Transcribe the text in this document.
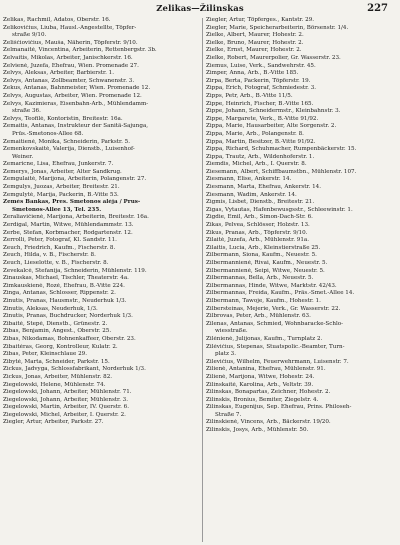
Zelikas—Žilinskas	227
Zelikas, Rachmil, Adatos, Oberstr. 16.
Zelikovičius, Liuba, Hausl.-Angestellte, Töpfer-
straße 9/10.
Zeliščiovičius, Mauša, Näherin, Töpferstr. 9/10.
Zelmanaitė, Vincentina, Arbeiterin, Rettenbergstr. 3b.
Zelvaitis, Mikolas, Arbeiter, Janischkerstr. 16.
Zelvienė, Juzefa, Ehefrau, Wien. Promenade 27.
Zelvys, Aleksas, Arbeiter, Barbierstr. 1.
Zelvys, Antanas, Zollbeamter, Schwanenstr. 3.
Zekus, Antanas, Bahnmeister, Wien. Promenade 12.
Zelvys, Augustas, Arbeiter, Wien. Promenade 12.
Zelvys, Kazimieras, Eisenbahn-Arb., Mühlendamm-
straße 36.
Zelvys, Teofilė, Kontoristin, Breitestr. 16a.
Zemaitis, Antanas, Instrukteur der Sanitä-Sajunga,
Prūs.-Smetonos-Allee 68.
Žemaitienė, Monika, Schneiderin, Parkstr. 5.
Zemenkovskaitė, Valerija, Dienstb., Luisenhof-
Weiner.
Zemaricne, Lisa, Ehefrau, Junkerstr. 7.
Žemerys, Jonas, Arbeiter, Alter Sandkrug.
Žemgulaitė, Marijona, Arbeiterin, Polangenstr. 27.
Žemgulys, Juozas, Arbeiter, Breitestr. 21.
Žemgulytė, Marija, Packerin, B.-Vitte 53.
Žemės Bankas, Pres. Smetonos alėja / Prūs-
Smetonos-Allee 13, Tel. 235.
Zeraliavičienė, Marijona, Arbeiterin, Breitestr. 16a.
Zerdigal, Martin, Witwe, Mühlendammstr. 13.
Zerbe, Stefan, Korbmacher, Rodgartenstr. 12.
Zerrolli, Peter, Fotograf, Kl. Sandstr. 11.
Zeuch, Friedrich, Kaufm., Fischerstr. 8.
Zeuch, Hilda, v. B., Fischerstr. 8.
Zeuch, Lieselotte, v. B., Fischerstr. 8.
Zevekalcė, Stefanija, Schneiderin, Mühlenstr. 119.
Zinauskas, Michael, Tischler, Theaterstr. 4a.
Žimkauskienė, Rozė, Ehefrau, B.-Vitte 224.
Zinga, Antanas, Schlosser, Rippenstr. 2.
Žinutis, Pranas, Hausmstr., Neuderhuk 1/3.
Žinutis, Aleksas, Neuderhuk, 1/3.
Žinutis, Pranas, Buchdrucker, Norderhuk 1/3.
Zibaitė, Stepė, Dienstb., Grünestr. 2.
Zibas, Benjamin, Angest., Oberstr. 25.
Zibas, Nikodamas, Bohnenkaffeer, Oberstr. 23.
Zibaitėras, Georg, Kontrolleur, Kulatr. 2.
Zibas, Peter, Kleinschlaue 29.
Zibytė, Marta, Schneider, Parkstr. 15.
Zickus, Jadvyga, Schlossfabrikant, Norderhuk 1/3.
Zickus, Jonas, Arbeiter, Mühlenstr. 82.
Ziegelowski, Helene, Mühlenstr. 74.
Ziegelowski, Johann, Arbeiter, Mühlenstr. 71.
Ziegelowski, Johann, Arbeiter, Mühlenstr. 3.
Ziegelowski, Martin, Arbeiter, IV. Querstr. 6.
Ziegelowski, Michel, Arbeiter, I. Querstr. 2.
Ziegler, Artur, Arbeiter, Parkstr. 27.
Ziegler, Artur, Töpferges., Kantstr. 29.
Ziegler, Marie, Speicherarbeiterin, Börsenstr. 1/4.
Zielke, Albert, Maurer, Hohestr. 2.
Zielke, Bruno, Maurer, Hohestr. 2.
Zielke, Ernst, Maurer, Hohestr. 2.
Zielke, Robert, Maurerpolier, Gr. Wasserstr. 23.
Ziemus, Luise, Verk., Sandwehrstr. 45.
Zimper, Anna, Arb., B.-Vitte 185.
Zirpa, Berta, Packerin, Töpferstr. 19.
Zippa, Erich, Fotograf, Schmiedestr. 3.
Zipps, Petr, Arb., B.-Vitte 11/5.
Zippe, Heinrich, Fischer, B.-Vitte 165.
Zippe, Johann, Schneidermstr., Kleinbahnstr. 3.
Zippe, Margarete, Verk., B.-Vitte 91/92.
Zippa, Marie, Hausarbeiter, Alte Sorgenstr. 2.
Zippa, Marie, Arb., Polangenstr. 8.
Zippa, Martin, Besitzer, B.-Vitte 91/92.
Zippa, Richard, Schuhmacher, Rumpenbäckerstr. 15.
Zippa, Trautz, Arb., Wildenhoferstr. 1.
Ziemdis, Michel, Arb., I. Querstr. 8.
Ziesemann, Albert, Schiffbaumstbn., Mühlenstr. 107.
Ziesmann, Elise, Ankerstr. 14.
Ziesmann, Marta, Ehefrau, Ankerstr. 14.
Ziesmann, Wadim, Ankerstr. 14.
Zigmis, Lisbet, Dienstb., Breitestr. 21.
Zigas, Vytautas, Hafenbewusgsstr., Schleewinstr. 1.
Zigdie, Emil, Arb., Simon-Dach-Str. 6.
Zikas, Pelvea, Schlösser, Holzstr. 13.
Zikus, Pranas, Arb., Töpferstr. 9/10.
Zilaitė, Juzefa, Arb., Mühlenstr. 91a.
Zilaitis, Lucia, Arb., Kleinstierstraße 25.
Zilbermann, Šiona, Kaufm., Neuestr. 5.
Zilbermannienė, Rivai, Kaufm., Neuestr. 5.
Zilbermannienė, Seipi, Witwe, Neuestr. 5.
Zilbermannas, Bella, Arb., Neuestr. 5.
Zilbermannas, Hinde, Witwe, Marktstr. 42/43.
Zilbermannas, Freida, Kaufm., Präs.-Smet.-Allee 14.
Zilbermann, Tawoje, Kaufm., Hohestr. 1.
Zilbersteinas, Mejerie, Verk., Gr. Wasserstr. 22.
Zilbrovas, Peter, Arb., Mühlenstr. 63.
Zilenas, Antanas, Schmied, Wohnbaracke-Schlo-
wiesstraße.
Zilėnienė, Julijonas, Kaufm., Turnplatz 2.
Zilėvičius, Stepenas, Stuatspolic.-Beamter, Turn-
platz 3.
Zilevičius, Wilhelm, Feuerwehrmann, Luisenstr. 7.
Zilienė, Antanina, Ehefrau, Mühlenstr. 91.
Zilienė, Marijona, Witwe, Hohestr. 24.
Zilinskaitė, Karolina, Arb., Veltstr. 39.
Zilinskas, Bonapartas, Zeichner, Hohestr. 2.
Žilinskis, Bronius, Bemiter, Ziegelstr. 4.
Zilinskas, Eugenijus, Sep. Ehefrau, Prins. Philoseh-
Straße 7.
Žilinskienė, Vincens, Arb., Bäckerstr. 19/20.
Zilinskis, Josys, Arb., Mühlenstr. 50.
